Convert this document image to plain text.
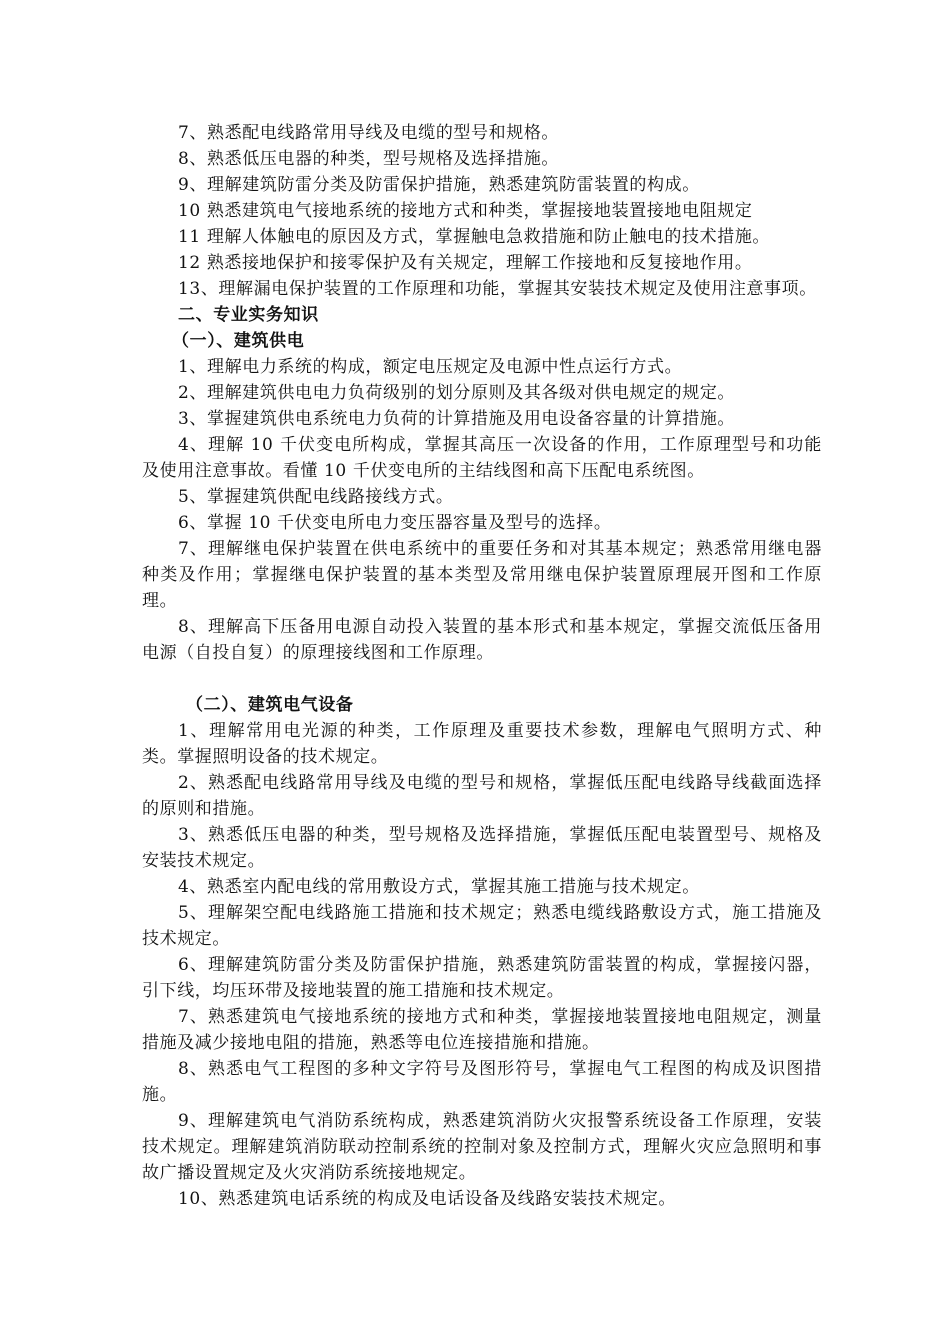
7、熟悉配电线路常用导线及电缆的型号和规格。

8、熟悉低压电器的种类，型号规格及选择措施。

9、理解建筑防雷分类及防雷保护措施，熟悉建筑防雷装置的构成。

10 熟悉建筑电气接地系统的接地方式和种类，掌握接地装置接地电阻规定

11 理解人体触电的原因及方式，掌握触电急救措施和防止触电的技术措施。

12 熟悉接地保护和接零保护及有关规定，理解工作接地和反复接地作用。

13、理解漏电保护装置的工作原理和功能，掌握其安装技术规定及使用注意事项。

二、专业实务知识

（一）、建筑供电

1、理解电力系统的构成，额定电压规定及电源中性点运行方式。

2、理解建筑供电电力负荷级别的划分原则及其各级对供电规定的规定。

3、掌握建筑供电系统电力负荷的计算措施及用电设备容量的计算措施。

4、理解 10 千伏变电所构成，掌握其高压一次设备的作用，工作原理型号和功能及使用注意事故。看懂 10 千伏变电所的主结线图和高下压配电系统图。

5、掌握建筑供配电线路接线方式。

6、掌握 10 千伏变电所电力变压器容量及型号的选择。

7、理解继电保护装置在供电系统中的重要任务和对其基本规定；熟悉常用继电器种类及作用；掌握继电保护装置的基本类型及常用继电保护装置原理展开图和工作原理。

8、理解高下压备用电源自动投入装置的基本形式和基本规定，掌握交流低压备用电源（自投自复）的原理接线图和工作原理。

（二）、建筑电气设备

1、理解常用电光源的种类，工作原理及重要技术参数，理解电气照明方式、种类。掌握照明设备的技术规定。

2、熟悉配电线路常用导线及电缆的型号和规格，掌握低压配电线路导线截面选择的原则和措施。

3、熟悉低压电器的种类，型号规格及选择措施，掌握低压配电装置型号、规格及安装技术规定。

4、熟悉室内配电线的常用敷设方式，掌握其施工措施与技术规定。

5、理解架空配电线路施工措施和技术规定；熟悉电缆线路敷设方式，施工措施及技术规定。

6、理解建筑防雷分类及防雷保护措施，熟悉建筑防雷装置的构成，掌握接闪器，引下线，均压环带及接地装置的施工措施和技术规定。

7、熟悉建筑电气接地系统的接地方式和种类，掌握接地装置接地电阻规定，测量措施及减少接地电阻的措施，熟悉等电位连接措施和措施。

8、熟悉电气工程图的多种文字符号及图形符号，掌握电气工程图的构成及识图措施。

9、理解建筑电气消防系统构成，熟悉建筑消防火灾报警系统设备工作原理，安装技术规定。理解建筑消防联动控制系统的控制对象及控制方式，理解火灾应急照明和事故广播设置规定及火灾消防系统接地规定。

10、熟悉建筑电话系统的构成及电话设备及线路安装技术规定。
